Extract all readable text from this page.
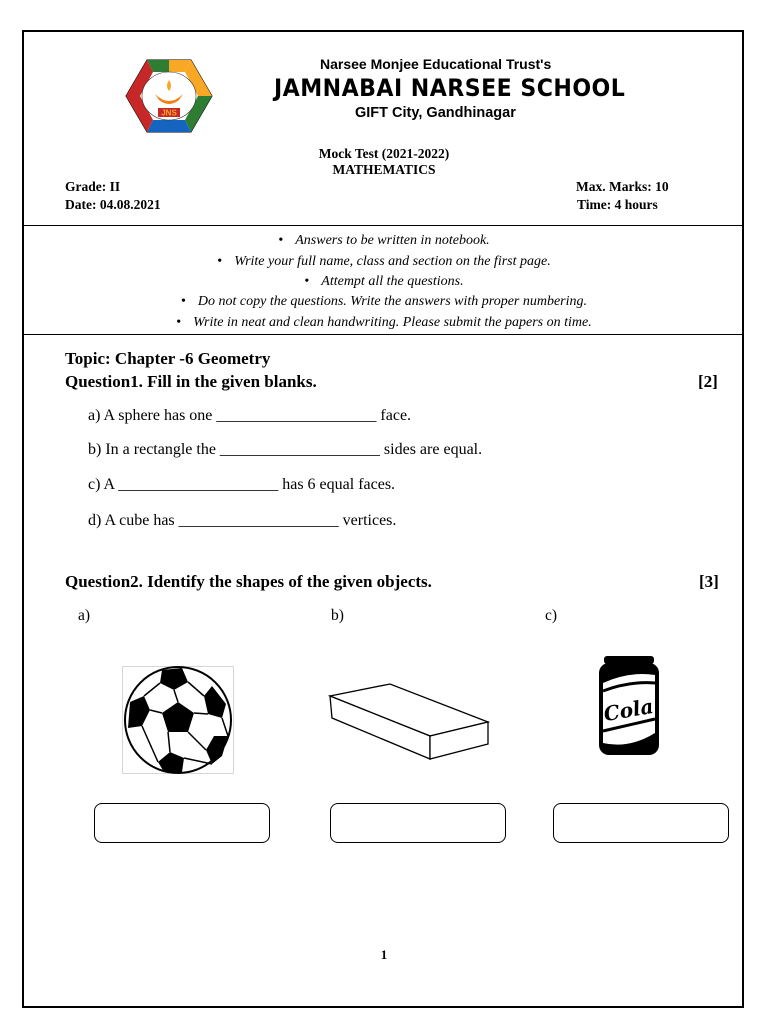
JNS
Narsee Monjee Educational Trust's
JAMNABAI NARSEE SCHOOL
GIFT City, Gandhinagar
Mock Test (2021-2022)
MATHEMATICS
Grade: II
Date: 04.08.2021
Max. Marks: 10
Time: 4 hours
• Answers to be written in notebook.
• Write your full name, class and section on the first page.
• Attempt all the questions.
• Do not copy the questions. Write the answers with proper numbering.
• Write in neat and clean handwriting. Please submit the papers on time.
Topic: Chapter -6 Geometry
Question1. Fill in the given blanks.	[2]
a) A sphere has one ____________________ face.
b) In a rectangle the ____________________ sides are equal.
c) A ____________________ has 6 equal faces.
d) A cube has ____________________ vertices.
Question2. Identify the shapes of the given objects.	[3]
a)	b)	c)
Cola
1
